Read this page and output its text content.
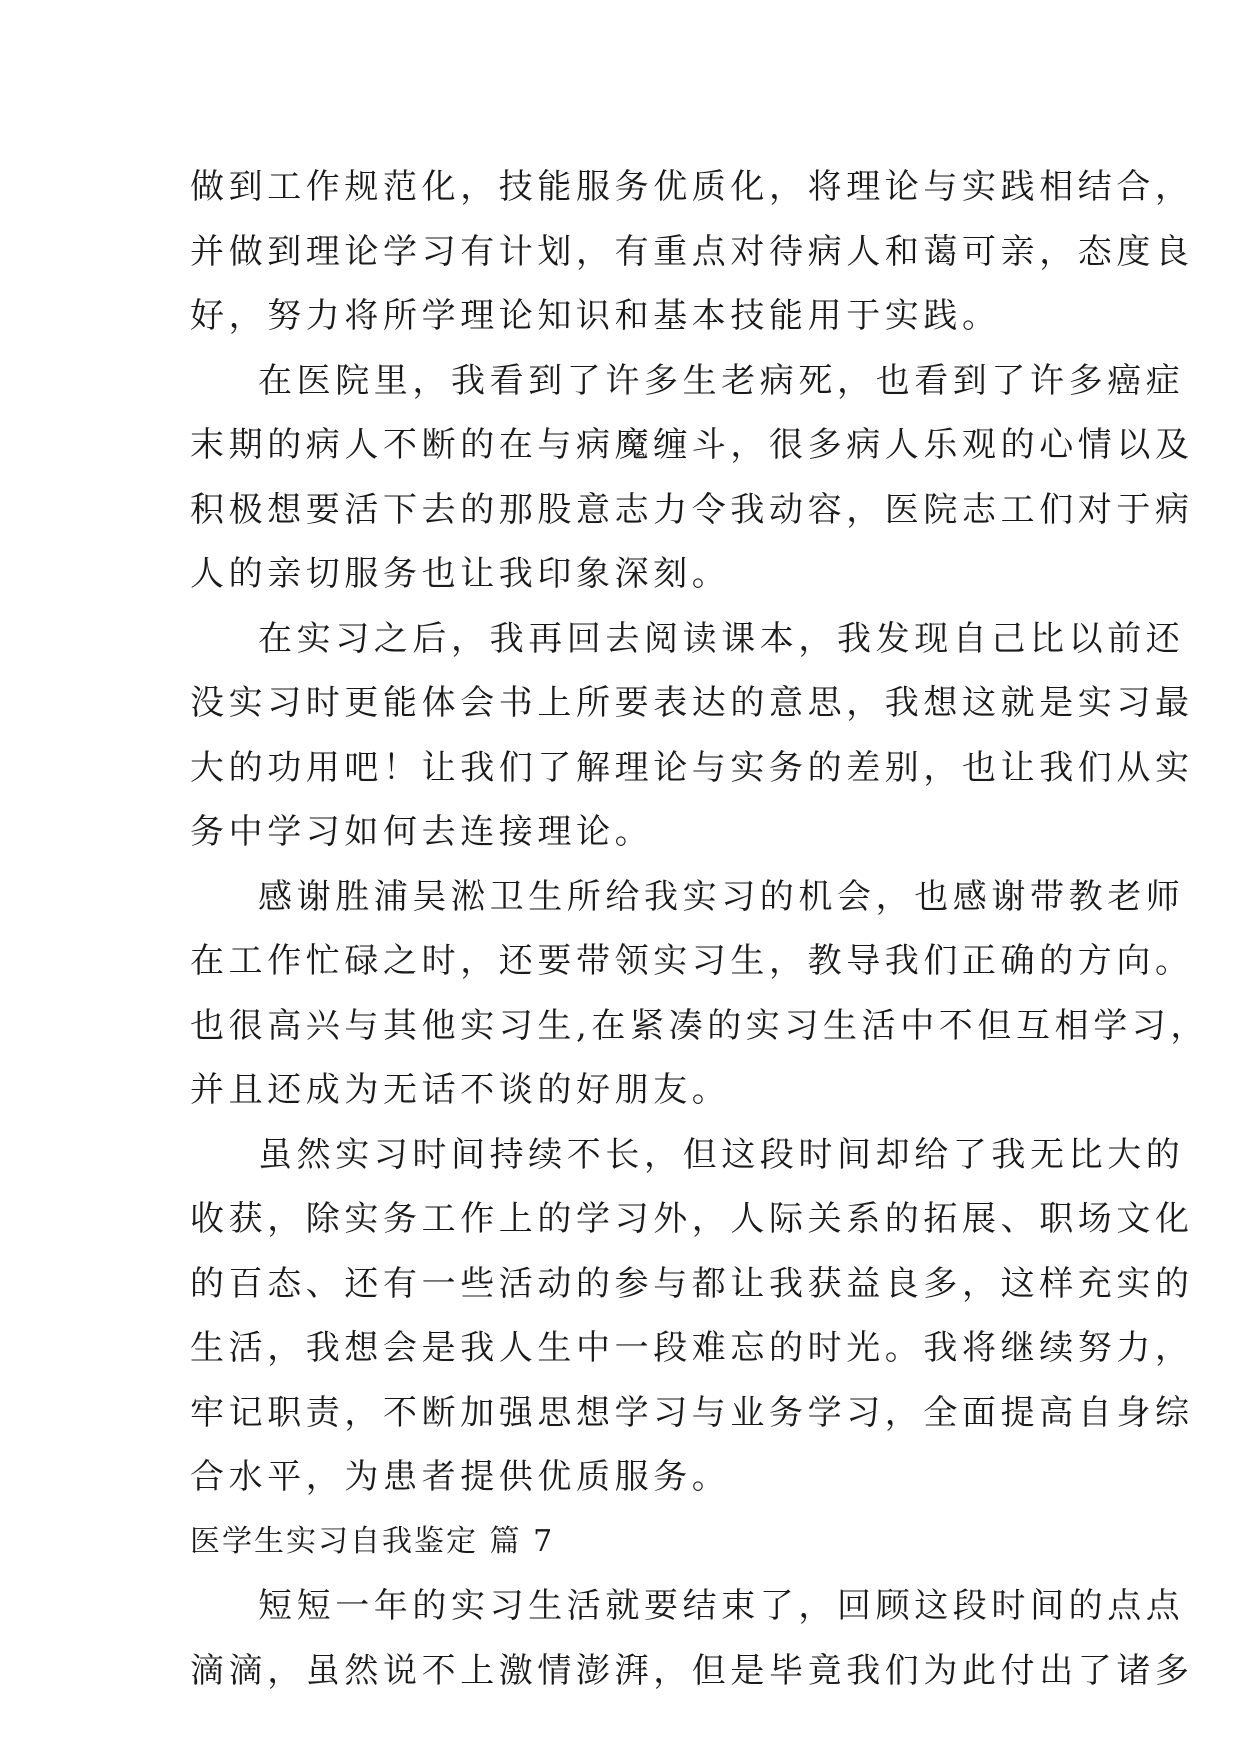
做到工作规范化，技能服务优质化，将理论与实践相结合，
并做到理论学习有计划，有重点对待病人和蔼可亲，态度良
好，努力将所学理论知识和基本技能用于实践。
在医院里，我看到了许多生老病死，也看到了许多癌症
末期的病人不断的在与病魔缠斗，很多病人乐观的心情以及
积极想要活下去的那股意志力令我动容，医院志工们对于病
人的亲切服务也让我印象深刻。
在实习之后，我再回去阅读课本，我发现自己比以前还
没实习时更能体会书上所要表达的意思，我想这就是实习最
大的功用吧！让我们了解理论与实务的差别，也让我们从实
务中学习如何去连接理论。
感谢胜浦吴淞卫生所给我实习的机会，也感谢带教老师
在工作忙碌之时，还要带领实习生，教导我们正确的方向。
也很高兴与其他实习生,在紧凑的实习生活中不但互相学习，
并且还成为无话不谈的好朋友。
虽然实习时间持续不长，但这段时间却给了我无比大的
收获，除实务工作上的学习外，人际关系的拓展、职场文化
的百态、还有一些活动的参与都让我获益良多，这样充实的
生活，我想会是我人生中一段难忘的时光。我将继续努力，
牢记职责，不断加强思想学习与业务学习，全面提高自身综
合水平，为患者提供优质服务。
医学生实习自我鉴定 篇 7
短短一年的实习生活就要结束了，回顾这段时间的点点
滴滴，虽然说不上激情澎湃，但是毕竟我们为此付出了诸多
